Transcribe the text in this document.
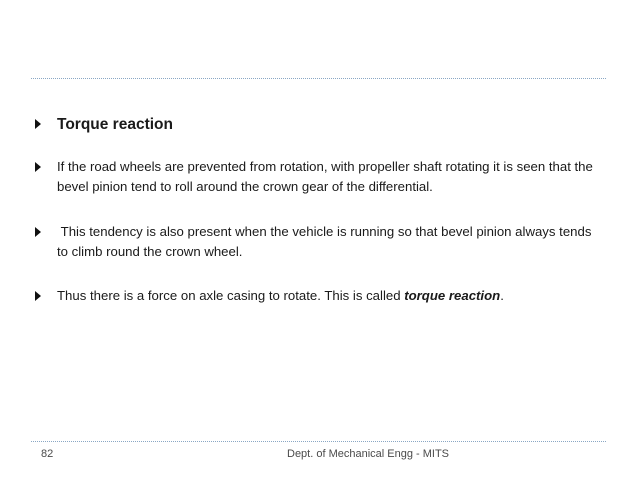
Torque reaction
If the road wheels are prevented from rotation, with propeller shaft rotating it is seen that the bevel pinion tend to roll around the crown gear of the differential.
This tendency is also present when the vehicle is running so that bevel pinion always tends to climb round the crown wheel.
Thus there is a force on axle casing to rotate. This is called torque reaction.
82	Dept. of Mechanical Engg - MITS
